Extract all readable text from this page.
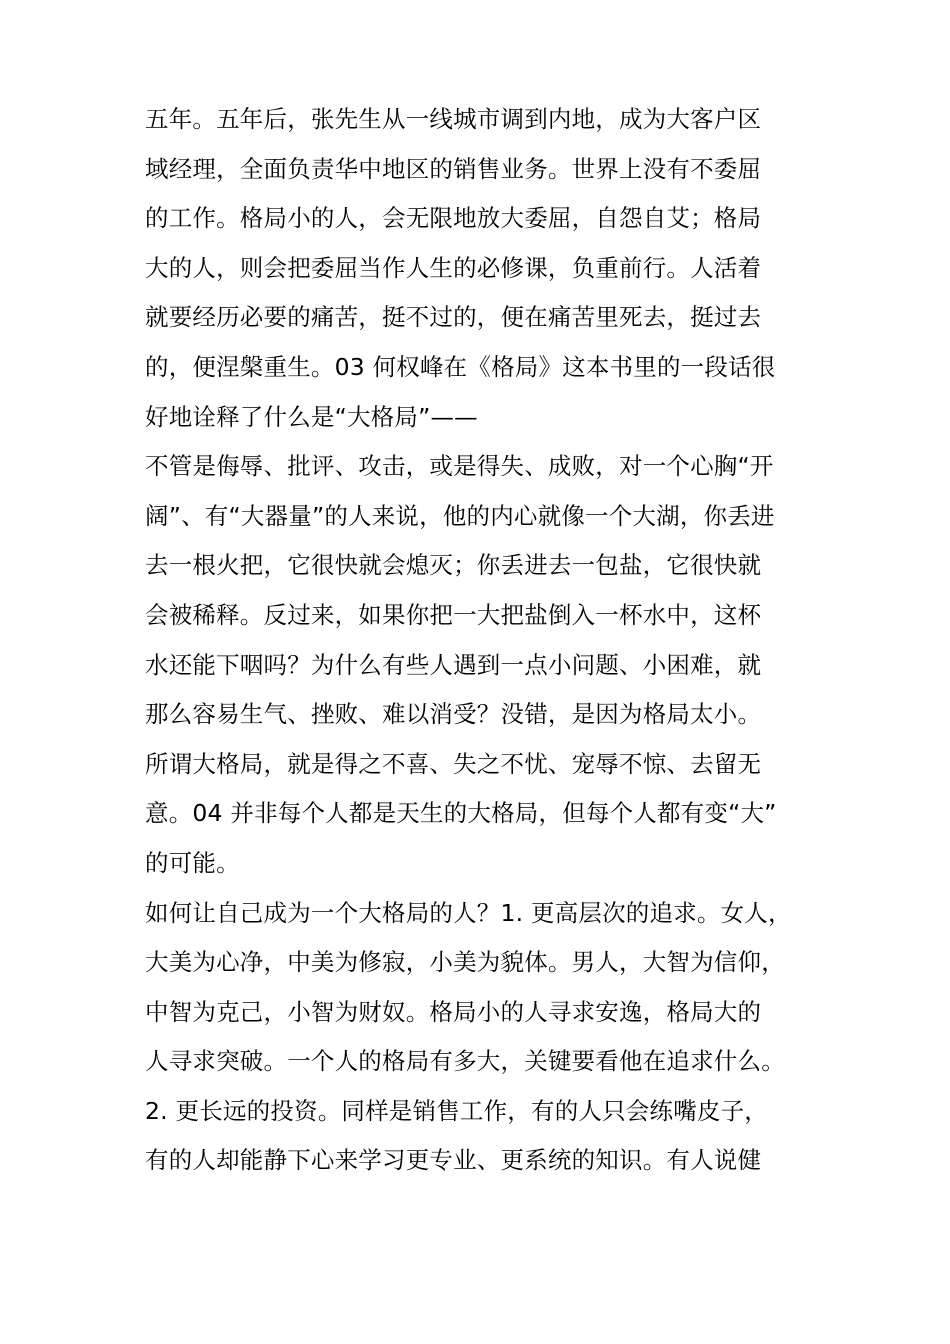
五年。五年后，张先生从一线城市调到内地，成为大客户区
域经理，全面负责华中地区的销售业务。世界上没有不委屈
的工作。格局小的人，会无限地放大委屈，自怨自艾；格局
大的人，则会把委屈当作人生的必修课，负重前行。人活着
就要经历必要的痛苦，挺不过的，便在痛苦里死去，挺过去
的，便涅槃重生。03 何权峰在《格局》这本书里的一段话很
好地诠释了什么是“大格局”——
不管是侮辱、批评、攻击，或是得失、成败，对一个心胸“开
阔”、有“大器量”的人来说，他的内心就像一个大湖，你丢进
去一根火把，它很快就会熄灭；你丢进去一包盐，它很快就
会被稀释。反过来，如果你把一大把盐倒入一杯水中，这杯
水还能下咽吗？为什么有些人遇到一点小问题、小困难，就
那么容易生气、挫败、难以消受？没错，是因为格局太小。
所谓大格局，就是得之不喜、失之不忧、宠辱不惊、去留无
意。04 并非每个人都是天生的大格局，但每个人都有变“大”
的可能。
如何让自己成为一个大格局的人？1. 更高层次的追求。女人，
大美为心净，中美为修寂，小美为貌体。男人，大智为信仰，
中智为克己，小智为财奴。格局小的人寻求安逸，格局大的
人寻求突破。一个人的格局有多大，关键要看他在追求什么。
2. 更长远的投资。同样是销售工作，有的人只会练嘴皮子，
有的人却能静下心来学习更专业、更系统的知识。有人说健
